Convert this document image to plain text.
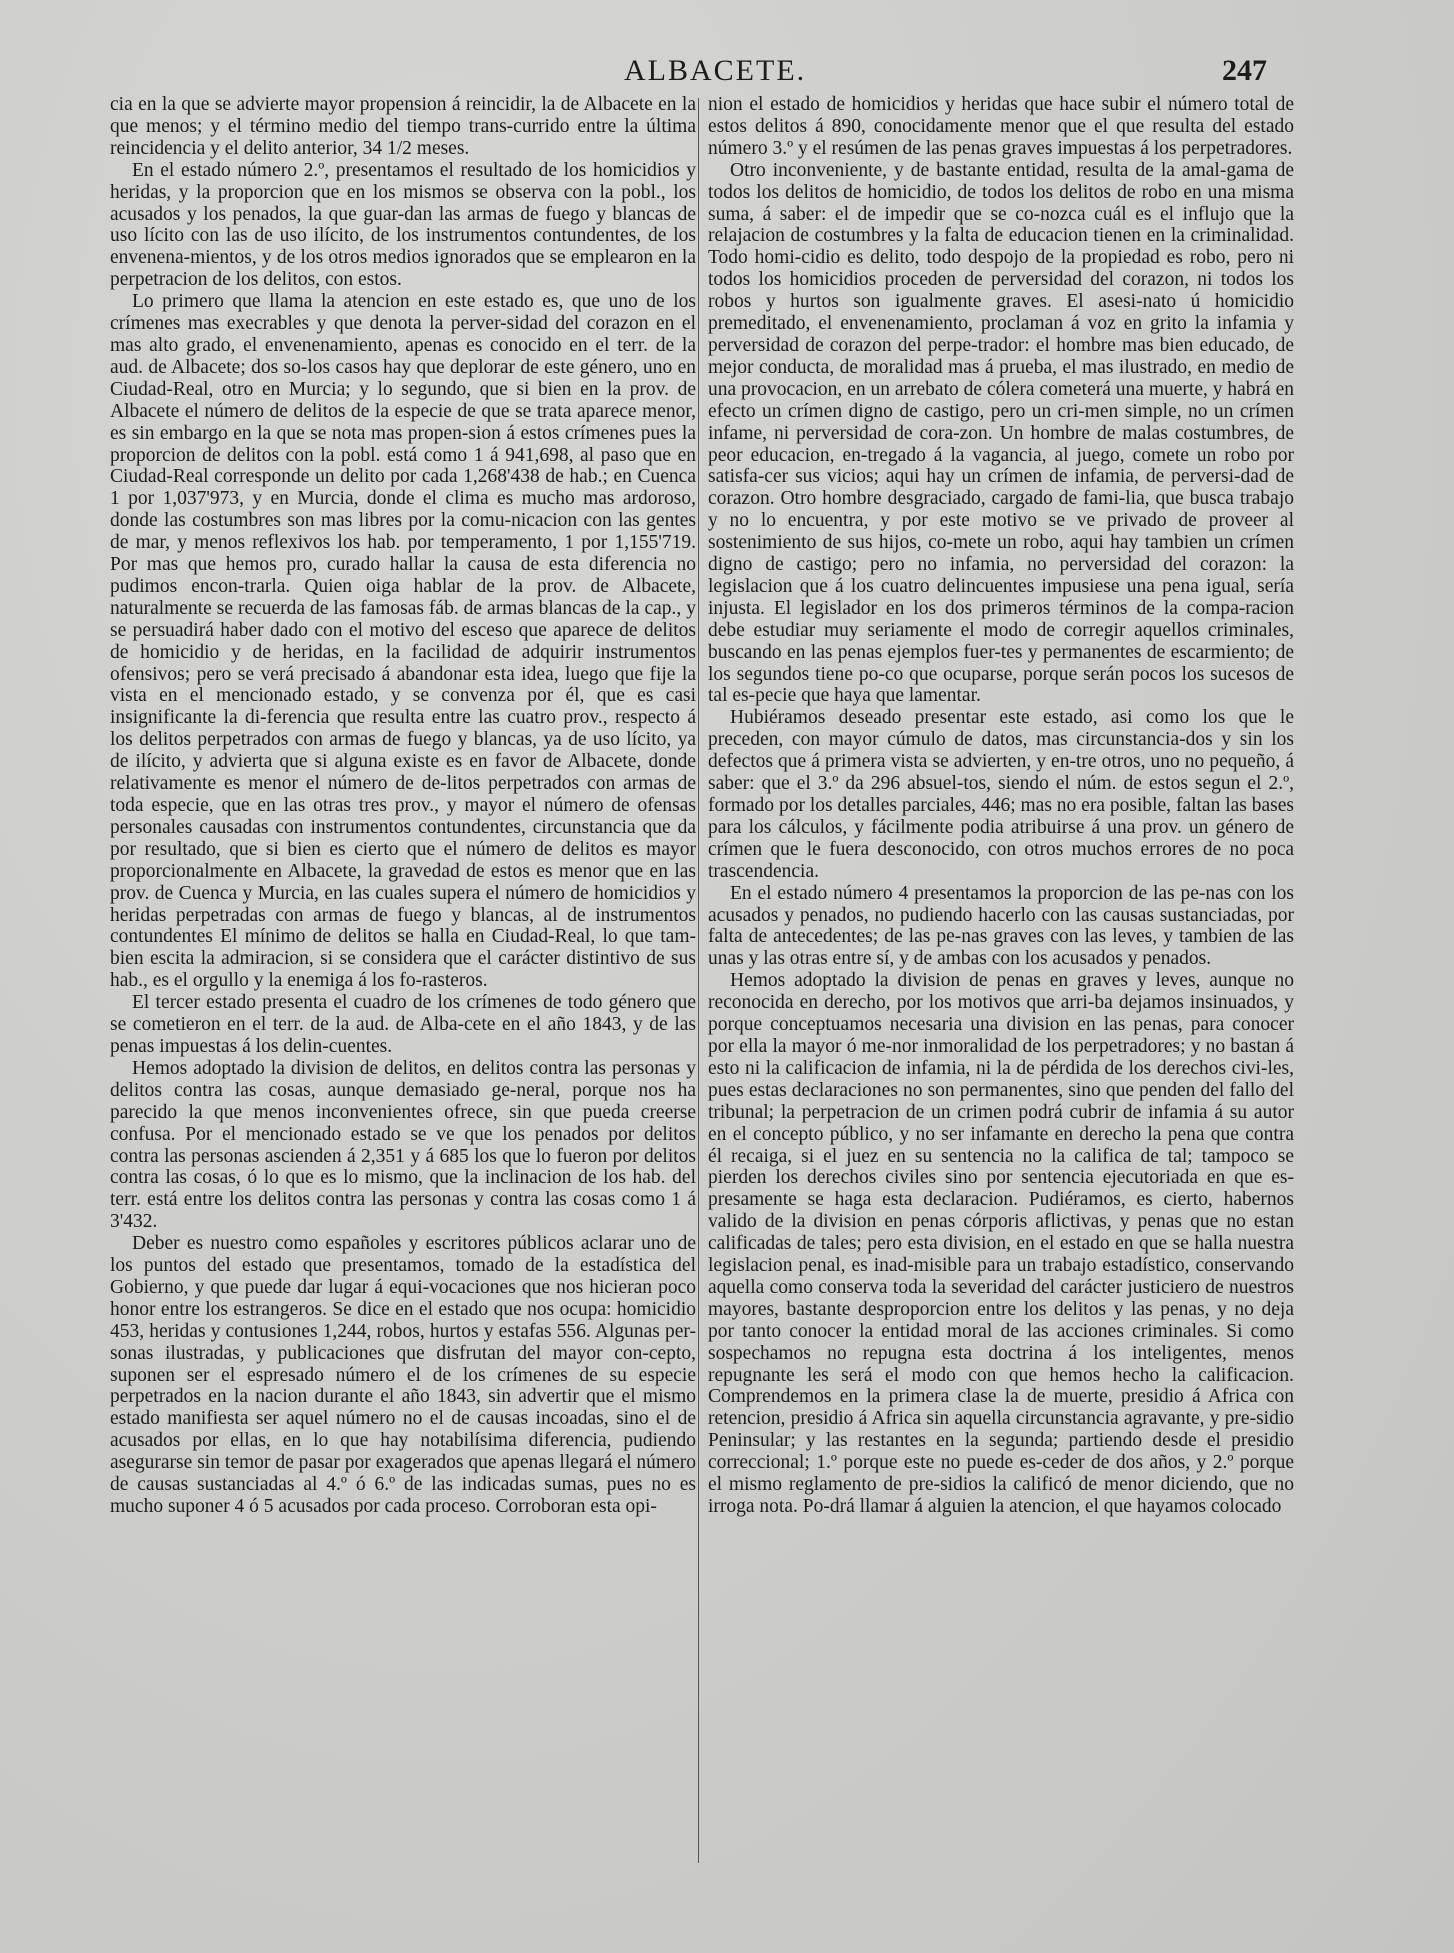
ALBACETE.	247

cia en la que se advierte mayor propension á reincidir, la de Albacete en la que menos; y el término medio del tiempo trans-currido entre la última reincidencia y el delito anterior, 34 1/2 meses.

En el estado número 2.º, presentamos el resultado de los homicidios y heridas, y la proporcion que en los mismos se observa con la pobl., los acusados y los penados, la que guar-dan las armas de fuego y blancas de uso lícito con las de uso ilícito, de los instrumentos contundentes, de los envenena-mientos, y de los otros medios ignorados que se emplearon en la perpetracion de los delitos, con estos.

Lo primero que llama la atencion en este estado es, que uno de los crímenes mas execrables y que denota la perver-sidad del corazon en el mas alto grado, el envenenamiento, apenas es conocido en el terr. de la aud. de Albacete; dos so-los casos hay que deplorar de este género, uno en Ciudad-Real, otro en Murcia; y lo segundo, que si bien en la prov. de Albacete el número de delitos de la especie de que se trata aparece menor, es sin embargo en la que se nota mas propen-sion á estos crímenes pues la proporcion de delitos con la pobl. está como 1 á 941,698, al paso que en Ciudad-Real corresponde un delito por cada 1,268'438 de hab.; en Cuenca 1 por 1,037'973, y en Murcia, donde el clima es mucho mas ardoroso, donde las costumbres son mas libres por la comu-nicacion con las gentes de mar, y menos reflexivos los hab. por temperamento, 1 por 1,155'719. Por mas que hemos pro, curado hallar la causa de esta diferencia no pudimos encon-trarla. Quien oiga hablar de la prov. de Albacete, naturalmente se recuerda de las famosas fáb. de armas blancas de la cap., y se persuadirá haber dado con el motivo del esceso que aparece de delitos de homicidio y de heridas, en la facilidad de adquirir instrumentos ofensivos; pero se verá precisado á abandonar esta idea, luego que fije la vista en el mencionado estado, y se convenza por él, que es casi insignificante la di-ferencia que resulta entre las cuatro prov., respecto á los delitos perpetrados con armas de fuego y blancas, ya de uso lícito, ya de ilícito, y advierta que si alguna existe es en favor de Albacete, donde relativamente es menor el número de de-litos perpetrados con armas de toda especie, que en las otras tres prov., y mayor el número de ofensas personales causadas con instrumentos contundentes, circunstancia que da por resultado, que si bien es cierto que el número de delitos es mayor proporcionalmente en Albacete, la gravedad de estos es menor que en las prov. de Cuenca y Murcia, en las cuales supera el número de homicidios y heridas perpetradas con armas de fuego y blancas, al de instrumentos contundentes El mínimo de delitos se halla en Ciudad-Real, lo que tam-bien escita la admiracion, si se considera que el carácter distintivo de sus hab., es el orgullo y la enemiga á los fo-rasteros.

El tercer estado presenta el cuadro de los crímenes de todo género que se cometieron en el terr. de la aud. de Alba-cete en el año 1843, y de las penas impuestas á los delin-cuentes.

Hemos adoptado la division de delitos, en delitos contra las personas y delitos contra las cosas, aunque demasiado ge-neral, porque nos ha parecido la que menos inconvenientes ofrece, sin que pueda creerse confusa. Por el mencionado estado se ve que los penados por delitos contra las personas ascienden á 2,351 y á 685 los que lo fueron por delitos contra las cosas, ó lo que es lo mismo, que la inclinacion de los hab. del terr. está entre los delitos contra las personas y contra las cosas como 1 á 3'432.

Deber es nuestro como españoles y escritores públicos aclarar uno de los puntos del estado que presentamos, tomado de la estadística del Gobierno, y que puede dar lugar á equi-vocaciones que nos hicieran poco honor entre los estrangeros. Se dice en el estado que nos ocupa: homicidio 453, heridas y contusiones 1,244, robos, hurtos y estafas 556. Algunas per-sonas ilustradas, y publicaciones que disfrutan del mayor con-cepto, suponen ser el espresado número el de los crímenes de su especie perpetrados en la nacion durante el año 1843, sin advertir que el mismo estado manifiesta ser aquel número no el de causas incoadas, sino el de acusados por ellas, en lo que hay notabilísima diferencia, pudiendo asegurarse sin temor de pasar por exagerados que apenas llegará el número de causas sustanciadas al 4.º ó 6.º de las indicadas sumas, pues no es mucho suponer 4 ó 5 acusados por cada proceso. Corroboran esta opi-

nion el estado de homicidios y heridas que hace subir el número total de estos delitos á 890, conocidamente menor que el que resulta del estado número 3.º y el resúmen de las penas graves impuestas á los perpetradores.

Otro inconveniente, y de bastante entidad, resulta de la amal-gama de todos los delitos de homicidio, de todos los delitos de robo en una misma suma, á saber: el de impedir que se co-nozca cuál es el influjo que la relajacion de costumbres y la falta de educacion tienen en la criminalidad. Todo homi-cidio es delito, todo despojo de la propiedad es robo, pero ni todos los homicidios proceden de perversidad del corazon, ni todos los robos y hurtos son igualmente graves. El asesi-nato ú homicidio premeditado, el envenenamiento, proclaman á voz en grito la infamia y perversidad de corazon del perpe-trador: el hombre mas bien educado, de mejor conducta, de moralidad mas á prueba, el mas ilustrado, en medio de una provocacion, en un arrebato de cólera cometerá una muerte, y habrá en efecto un crímen digno de castigo, pero un cri-men simple, no un crímen infame, ni perversidad de cora-zon. Un hombre de malas costumbres, de peor educacion, en-tregado á la vagancia, al juego, comete un robo por satisfa-cer sus vicios; aqui hay un crímen de infamia, de perversi-dad de corazon. Otro hombre desgraciado, cargado de fami-lia, que busca trabajo y no lo encuentra, y por este motivo se ve privado de proveer al sostenimiento de sus hijos, co-mete un robo, aqui hay tambien un crímen digno de castigo; pero no infamia, no perversidad del corazon: la legislacion que á los cuatro delincuentes impusiese una pena igual, sería injusta. El legislador en los dos primeros términos de la compa-racion debe estudiar muy seriamente el modo de corregir aquellos criminales, buscando en las penas ejemplos fuer-tes y permanentes de escarmiento; de los segundos tiene po-co que ocuparse, porque serán pocos los sucesos de tal es-pecie que haya que lamentar.

Hubiéramos deseado presentar este estado, asi como los que le preceden, con mayor cúmulo de datos, mas circunstancia-dos y sin los defectos que á primera vista se advierten, y en-tre otros, uno no pequeño, á saber: que el 3.º da 296 absuel-tos, siendo el núm. de estos segun el 2.º, formado por los detalles parciales, 446; mas no era posible, faltan las bases para los cálculos, y fácilmente podia atribuirse á una prov. un género de crímen que le fuera desconocido, con otros muchos errores de no poca trascendencia.

En el estado número 4 presentamos la proporcion de las pe-nas con los acusados y penados, no pudiendo hacerlo con las causas sustanciadas, por falta de antecedentes; de las pe-nas graves con las leves, y tambien de las unas y las otras entre sí, y de ambas con los acusados y penados.

Hemos adoptado la division de penas en graves y leves, aunque no reconocida en derecho, por los motivos que arri-ba dejamos insinuados, y porque conceptuamos necesaria una division en las penas, para conocer por ella la mayor ó me-nor inmoralidad de los perpetradores; y no bastan á esto ni la calificacion de infamia, ni la de pérdida de los derechos civi-les, pues estas declaraciones no son permanentes, sino que penden del fallo del tribunal; la perpetracion de un crimen podrá cubrir de infamia á su autor en el concepto público, y no ser infamante en derecho la pena que contra él recaiga, si el juez en su sentencia no la califica de tal; tampoco se pierden los derechos civiles sino por sentencia ejecutoriada en que es-presamente se haga esta declaracion. Pudiéramos, es cierto, habernos valido de la division en penas córporis aflictivas, y penas que no estan calificadas de tales; pero esta division, en el estado en que se halla nuestra legislacion penal, es inad-misible para un trabajo estadístico, conservando aquella como conserva toda la severidad del carácter justiciero de nuestros mayores, bastante desproporcion entre los delitos y las penas, y no deja por tanto conocer la entidad moral de las acciones criminales. Si como sospechamos no repugna esta doctrina á los inteligentes, menos repugnante les será el modo con que hemos hecho la calificacion. Comprendemos en la primera clase la de muerte, presidio á Africa con retencion, presidio á Africa sin aquella circunstancia agravante, y pre-sidio Peninsular; y las restantes en la segunda; partiendo desde el presidio correccional; 1.º porque este no puede es-ceder de dos años, y 2.º porque el mismo reglamento de pre-sidios la calificó de menor diciendo, que no irroga nota. Po-drá llamar á alguien la atencion, el que hayamos colocado
